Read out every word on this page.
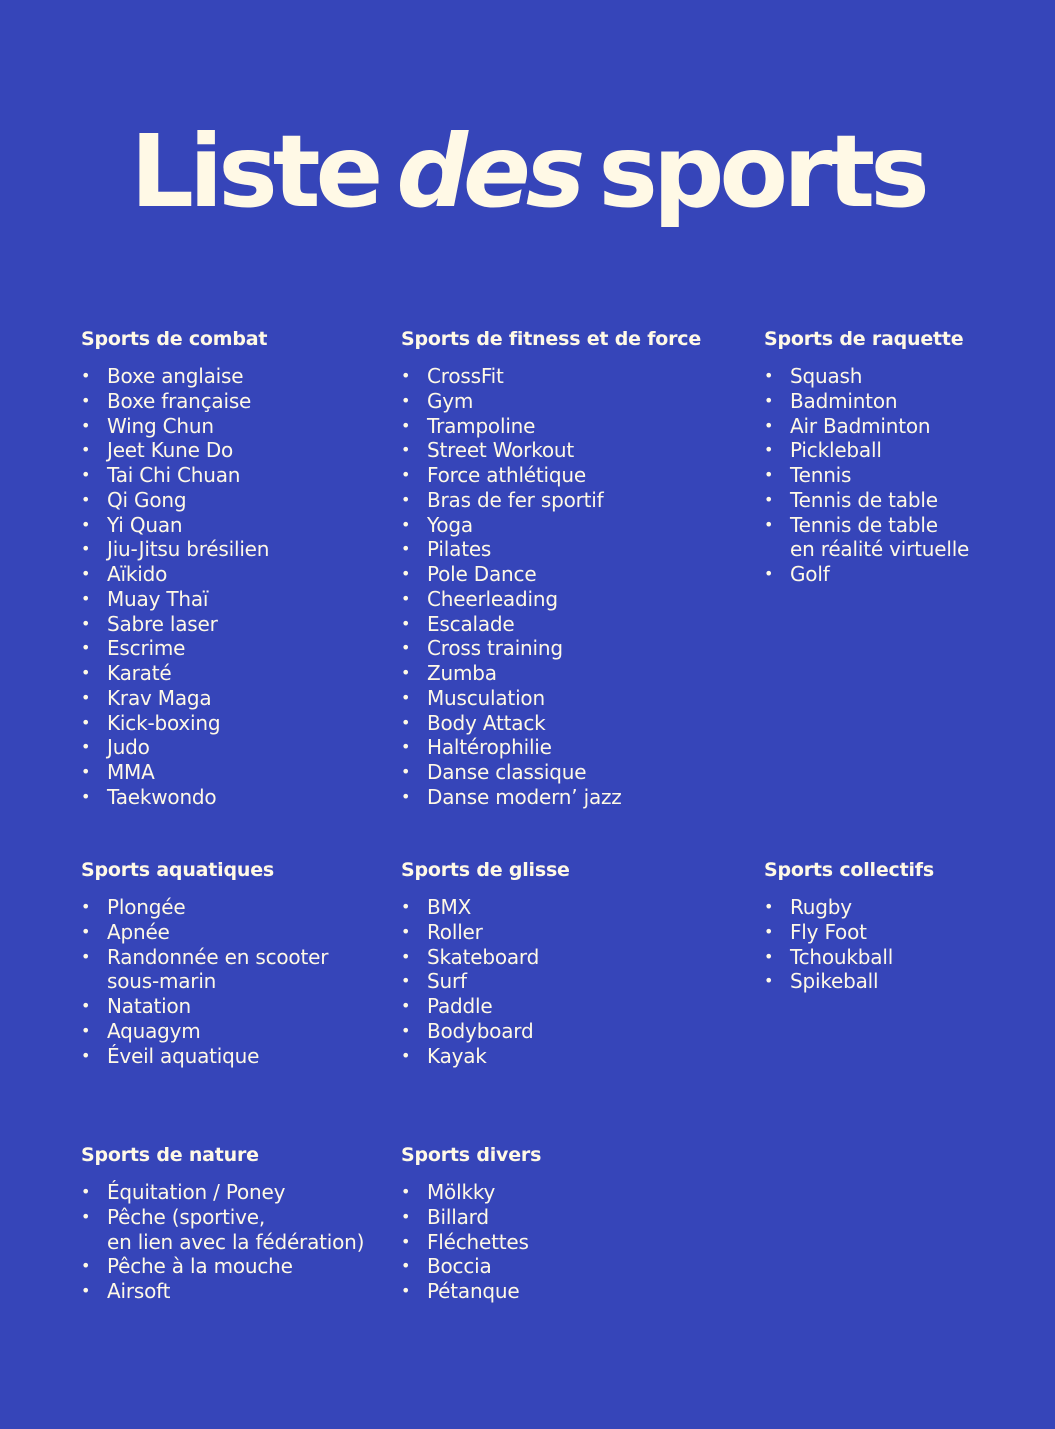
Liste des sports
Sports de combat
• Boxe anglaise
• Boxe française
• Wing Chun
• Jeet Kune Do
• Tai Chi Chuan
• Qi Gong
• Yi Quan
• Jiu-Jitsu brésilien
• Aïkido
• Muay Thaï
• Sabre laser
• Escrime
• Karaté
• Krav Maga
• Kick-boxing
• Judo
• MMA
• Taekwondo
Sports de fitness et de force
• CrossFit
• Gym
• Trampoline
• Street Workout
• Force athlétique
• Bras de fer sportif
• Yoga
• Pilates
• Pole Dance
• Cheerleading
• Escalade
• Cross training
• Zumba
• Musculation
• Body Attack
• Haltérophilie
• Danse classique
• Danse modern’ jazz
Sports de raquette
• Squash
• Badminton
• Air Badminton
• Pickleball
• Tennis
• Tennis de table
• Tennis de table
en réalité virtuelle
• Golf
Sports aquatiques
• Plongée
• Apnée
• Randonnée en scooter
sous-marin
• Natation
• Aquagym
• Éveil aquatique
Sports de glisse
• BMX
• Roller
• Skateboard
• Surf
• Paddle
• Bodyboard
• Kayak
Sports collectifs
• Rugby
• Fly Foot
• Tchoukball
• Spikeball
Sports de nature
• Équitation / Poney
• Pêche (sportive,
en lien avec la fédération)
• Pêche à la mouche
• Airsoft
Sports divers
• Mölkky
• Billard
• Fléchettes
• Boccia
• Pétanque
